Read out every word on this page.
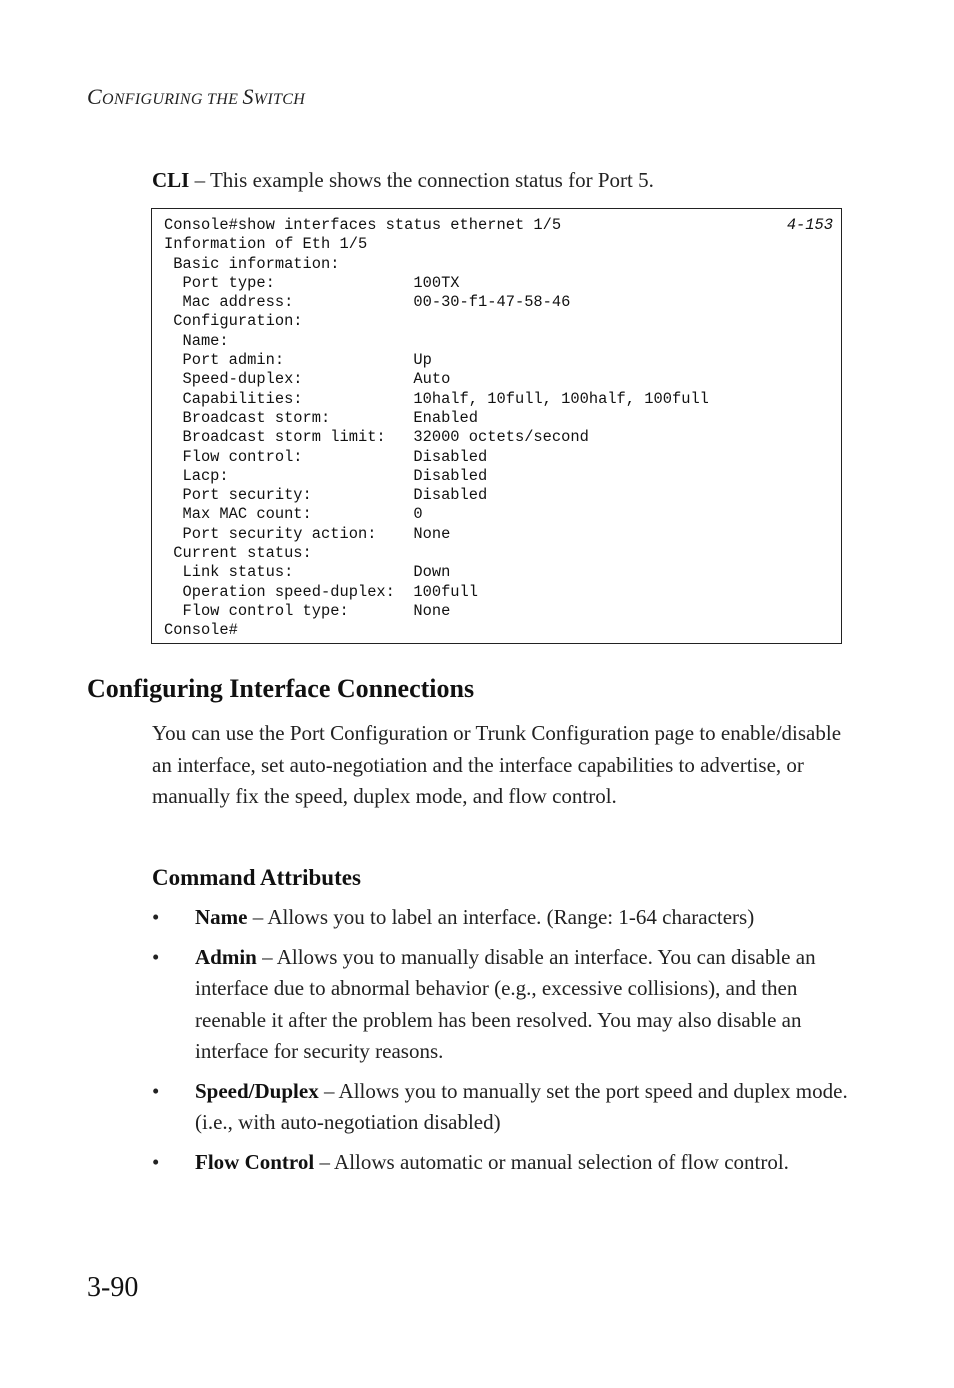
CONFIGURING THE SWITCH
CLI – This example shows the connection status for Port 5.
Console#show interfaces status ethernet 1/5	4-153
Information of Eth 1/5
Basic information:
Port type:               100TX
Mac address:             00-30-f1-47-58-46
Configuration:
Name:
Port admin:              Up
Speed-duplex:            Auto
Capabilities:            10half, 10full, 100half, 100full
Broadcast storm:         Enabled
Broadcast storm limit:   32000 octets/second
Flow control:            Disabled
Lacp:                    Disabled
Port security:           Disabled
Max MAC count:           0
Port security action:    None
Current status:
Link status:             Down
Operation speed-duplex:  100full
Flow control type:       None
Console#
Configuring Interface Connections

You can use the Port Configuration or Trunk Configuration page to enable/disable an interface, set auto-negotiation and the interface capabilities to advertise, or manually fix the speed, duplex mode, and flow control.

Command Attributes
• Name – Allows you to label an interface. (Range: 1-64 characters)
• Admin – Allows you to manually disable an interface. You can disable an interface due to abnormal behavior (e.g., excessive collisions), and then reenable it after the problem has been resolved. You may also disable an interface for security reasons.
• Speed/Duplex – Allows you to manually set the port speed and duplex mode. (i.e., with auto-negotiation disabled)
• Flow Control – Allows automatic or manual selection of flow control.
3-90
